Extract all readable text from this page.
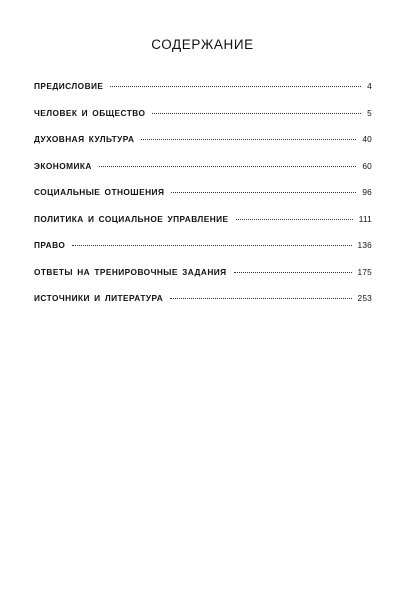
СОДЕРЖАНИЕ
ПРЕДИСЛОВИЕ	4
ЧЕЛОВЕК И ОБЩЕСТВО	5
ДУХОВНАЯ КУЛЬТУРА	40
ЭКОНОМИКА	60
СОЦИАЛЬНЫЕ ОТНОШЕНИЯ	96
ПОЛИТИКА И СОЦИАЛЬНОЕ УПРАВЛЕНИЕ	111
ПРАВО	136
ОТВЕТЫ НА ТРЕНИРОВОЧНЫЕ ЗАДАНИЯ	175
ИСТОЧНИКИ И ЛИТЕРАТУРА	253
